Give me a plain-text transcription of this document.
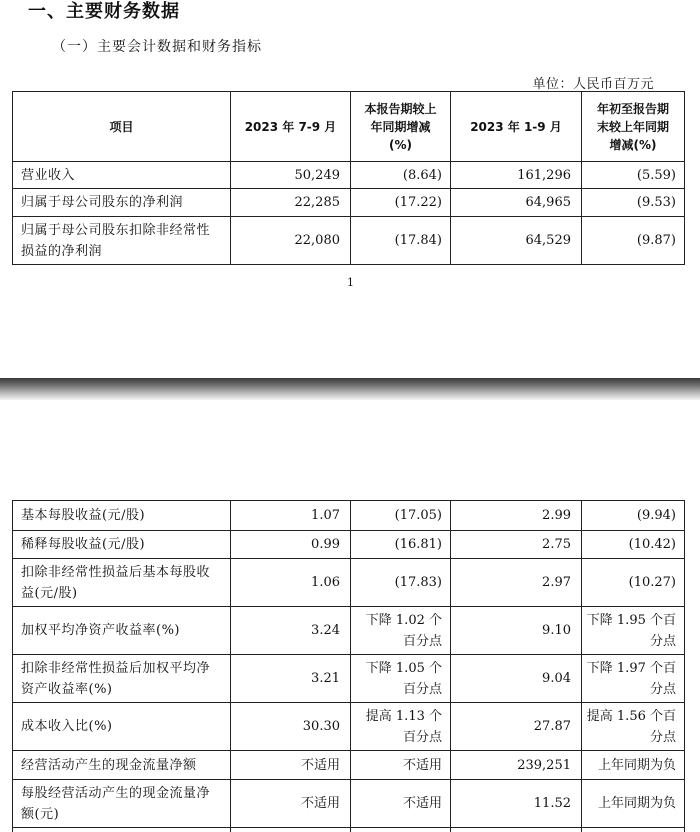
一、主要财务数据
（一）主要会计数据和财务指标
单位：人民币百万元
项目	2023 年 7-9 月	本报告期较上年同期增减(%)	2023 年 1-9 月	年初至报告期末较上年同期增减(%)
营业收入	50,249	(8.64)	161,296	(5.59)
归属于母公司股东的净利润	22,285	(17.22)	64,965	(9.53)
归属于母公司股东扣除非经常性损益的净利润	22,080	(17.84)	64,529	(9.87)
1
基本每股收益(元/股)	1.07	(17.05)	2.99	(9.94)
稀释每股收益(元/股)	0.99	(16.81)	2.75	(10.42)
扣除非经常性损益后基本每股收益(元/股)	1.06	(17.83)	2.97	(10.27)
加权平均净资产收益率(%)	3.24	下降 1.02 个百分点	9.10	下降 1.95 个百分点
扣除非经常性损益后加权平均净资产收益率(%)	3.21	下降 1.05 个百分点	9.04	下降 1.97 个百分点
成本收入比(%)	30.30	提高 1.13 个百分点	27.87	提高 1.56 个百分点
经营活动产生的现金流量净额	不适用	不适用	239,251	上年同期为负
每股经营活动产生的现金流量净额(元)	不适用	不适用	11.52	上年同期为负
